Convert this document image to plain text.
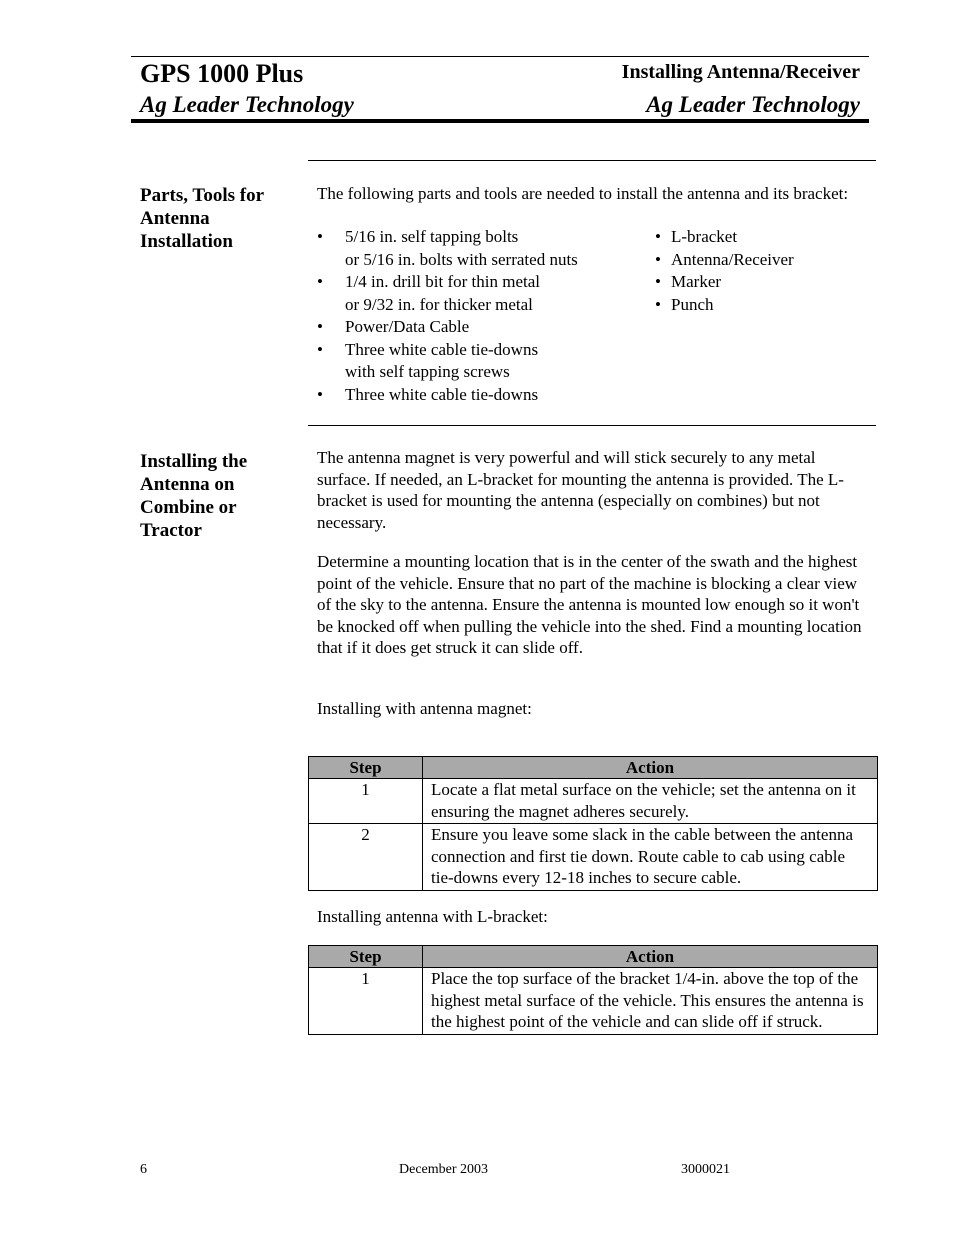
GPS 1000 Plus
Ag Leader Technology
Installing Antenna/Receiver
Ag Leader Technology
Parts, Tools for Antenna Installation
The following parts and tools are needed to install the antenna and its bracket:
• 5/16 in. self tapping bolts
or 5/16 in. bolts with serrated nuts
• 1/4 in. drill bit for thin metal
or 9/32 in. for thicker metal
• Power/Data Cable
• Three white cable tie-downs
with self tapping screws
• Three white cable tie-downs
• L-bracket
• Antenna/Receiver
• Marker
• Punch
Installing the Antenna on Combine or Tractor
The antenna magnet is very powerful and will stick securely to any metal surface. If needed, an L-bracket for mounting the antenna is provided. The L-bracket is used for mounting the antenna (especially on combines) but not necessary.
Determine a mounting location that is in the center of the swath and the highest point of the vehicle. Ensure that no part of the machine is blocking a clear view of the sky to the antenna. Ensure the antenna is mounted low enough so it won't be knocked off when pulling the vehicle into the shed. Find a mounting location that if it does get struck it can slide off.
Installing with antenna magnet:
Step	Action
1	Locate a flat metal surface on the vehicle; set the antenna on it ensuring the magnet adheres securely.
2	Ensure you leave some slack in the cable between the antenna connection and first tie down. Route cable to cab using cable tie-downs every 12-18 inches to secure cable.
Installing antenna with L-bracket:
Step	Action
1	Place the top surface of the bracket 1/4-in. above the top of the highest metal surface of the vehicle. This ensures the antenna is the highest point of the vehicle and can slide off if struck.
6	December 2003	3000021
